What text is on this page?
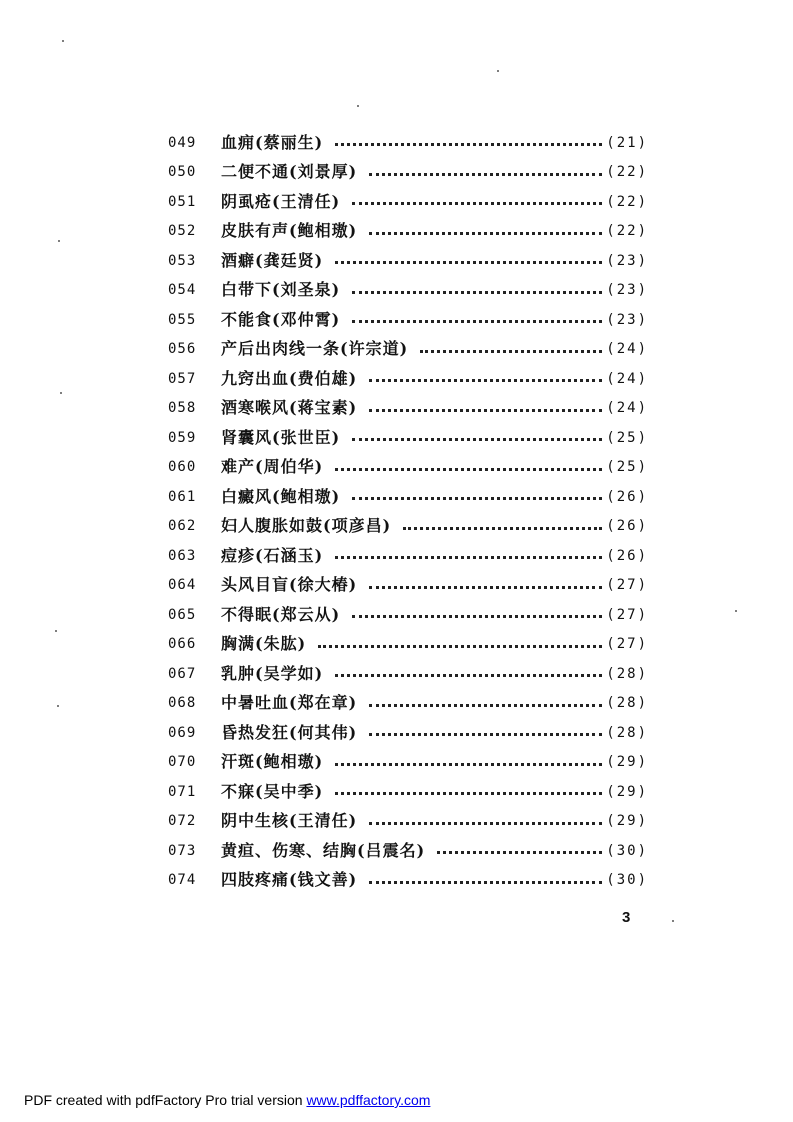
049	血痈(蔡丽生)	(21)
050	二便不通(刘景厚)	(22)
051	阴虱疮(王清任)	(22)
052	皮肤有声(鲍相璈)	(22)
053	酒癖(龚廷贤)	(23)
054	白带下(刘圣泉)	(23)
055	不能食(邓仲霄)	(23)
056	产后出肉线一条(许宗道)	(24)
057	九窍出血(费伯雄)	(24)
058	酒寒喉风(蒋宝素)	(24)
059	肾囊风(张世臣)	(25)
060	难产(周伯华)	(25)
061	白癜风(鲍相璈)	(26)
062	妇人腹胀如鼓(项彦昌)	(26)
063	痘疹(石涵玉)	(26)
064	头风目盲(徐大椿)	(27)
065	不得眠(郑云从)	(27)
066	胸满(朱肱)	(27)
067	乳肿(吴学如)	(28)
068	中暑吐血(郑在章)	(28)
069	昏热发狂(何其伟)	(28)
070	汗斑(鲍相璈)	(29)
071	不寐(吴中季)	(29)
072	阴中生核(王清任)	(29)
073	黄疸、伤寒、结胸(吕震名)	(30)
074	四肢疼痛(钱文善)	(30)
3
PDF created with pdfFactory Pro trial version www.pdffactory.com
